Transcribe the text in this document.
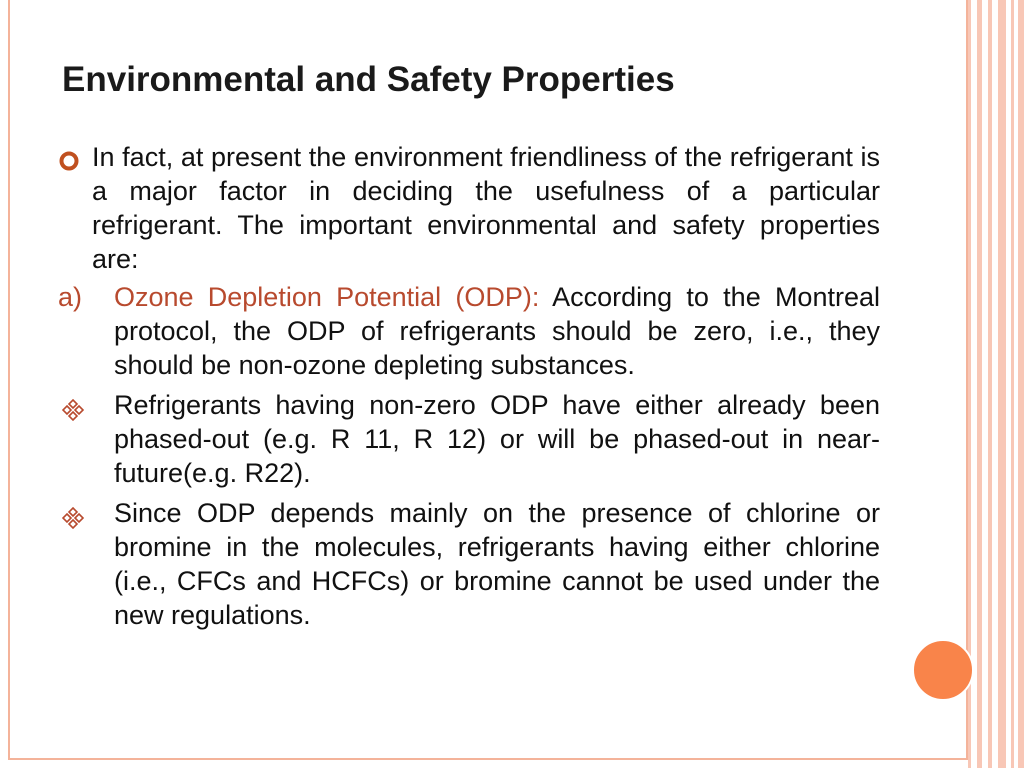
Environmental and Safety Properties
In fact, at present the environment friendliness of the refrigerant is a major factor in deciding the usefulness of a particular refrigerant. The important environmental and safety properties are:
a) Ozone Depletion Potential (ODP): According to the Montreal protocol, the ODP of refrigerants should be zero, i.e., they should be non-ozone depleting substances.
Refrigerants having non-zero ODP have either already been phased-out (e.g. R 11, R 12) or will be phased-out in near-future(e.g. R22).
Since ODP depends mainly on the presence of chlorine or bromine in the molecules, refrigerants having either chlorine (i.e., CFCs and HCFCs) or bromine cannot be used under the new regulations.
